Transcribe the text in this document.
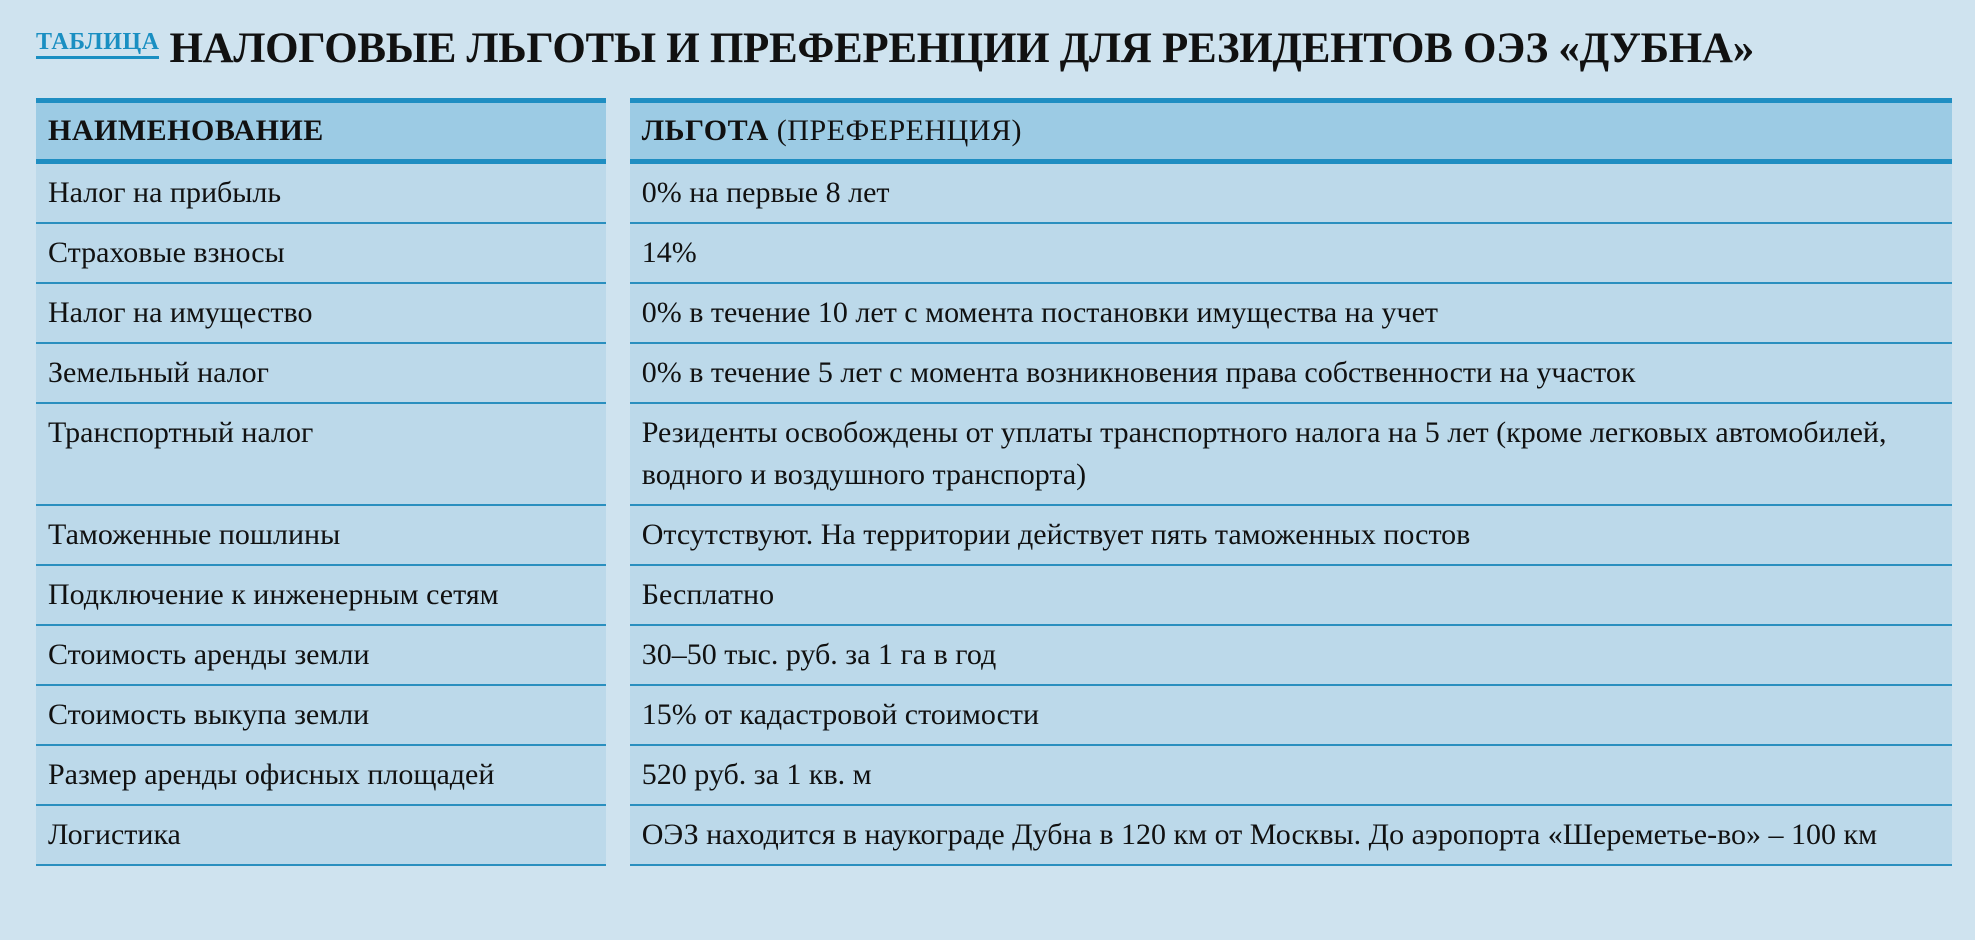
ТАБЛИЦА НАЛОГОВЫЕ ЛЬГОТЫ И ПРЕФЕРЕНЦИИ ДЛЯ РЕЗИДЕНТОВ ОЭЗ «ДУБНА»
НАИМЕНОВАНИЕ	ЛЬГОТА (ПРЕФЕРЕНЦИЯ)
Налог на прибыль	0% на первые 8 лет
Страховые взносы	14%
Налог на имущество	0% в течение 10 лет с момента постановки имущества на учет
Земельный налог	0% в течение 5 лет с момента возникновения права собственности на участок
Транспортный налог	Резиденты освобождены от уплаты транспортного налога на 5 лет (кроме легковых автомобилей, водного и воздушного транспорта)
Таможенные пошлины	Отсутствуют. На территории действует пять таможенных постов
Подключение к инженерным сетям	Бесплатно
Стоимость аренды земли	30–50 тыс. руб. за 1 га в год
Стоимость выкупа земли	15% от кадастровой стоимости
Размер аренды офисных площадей	520 руб. за 1 кв. м
Логистика	ОЭЗ находится в наукограде Дубна в 120 км от Москвы. До аэропорта «Шереметье-во» – 100 км
